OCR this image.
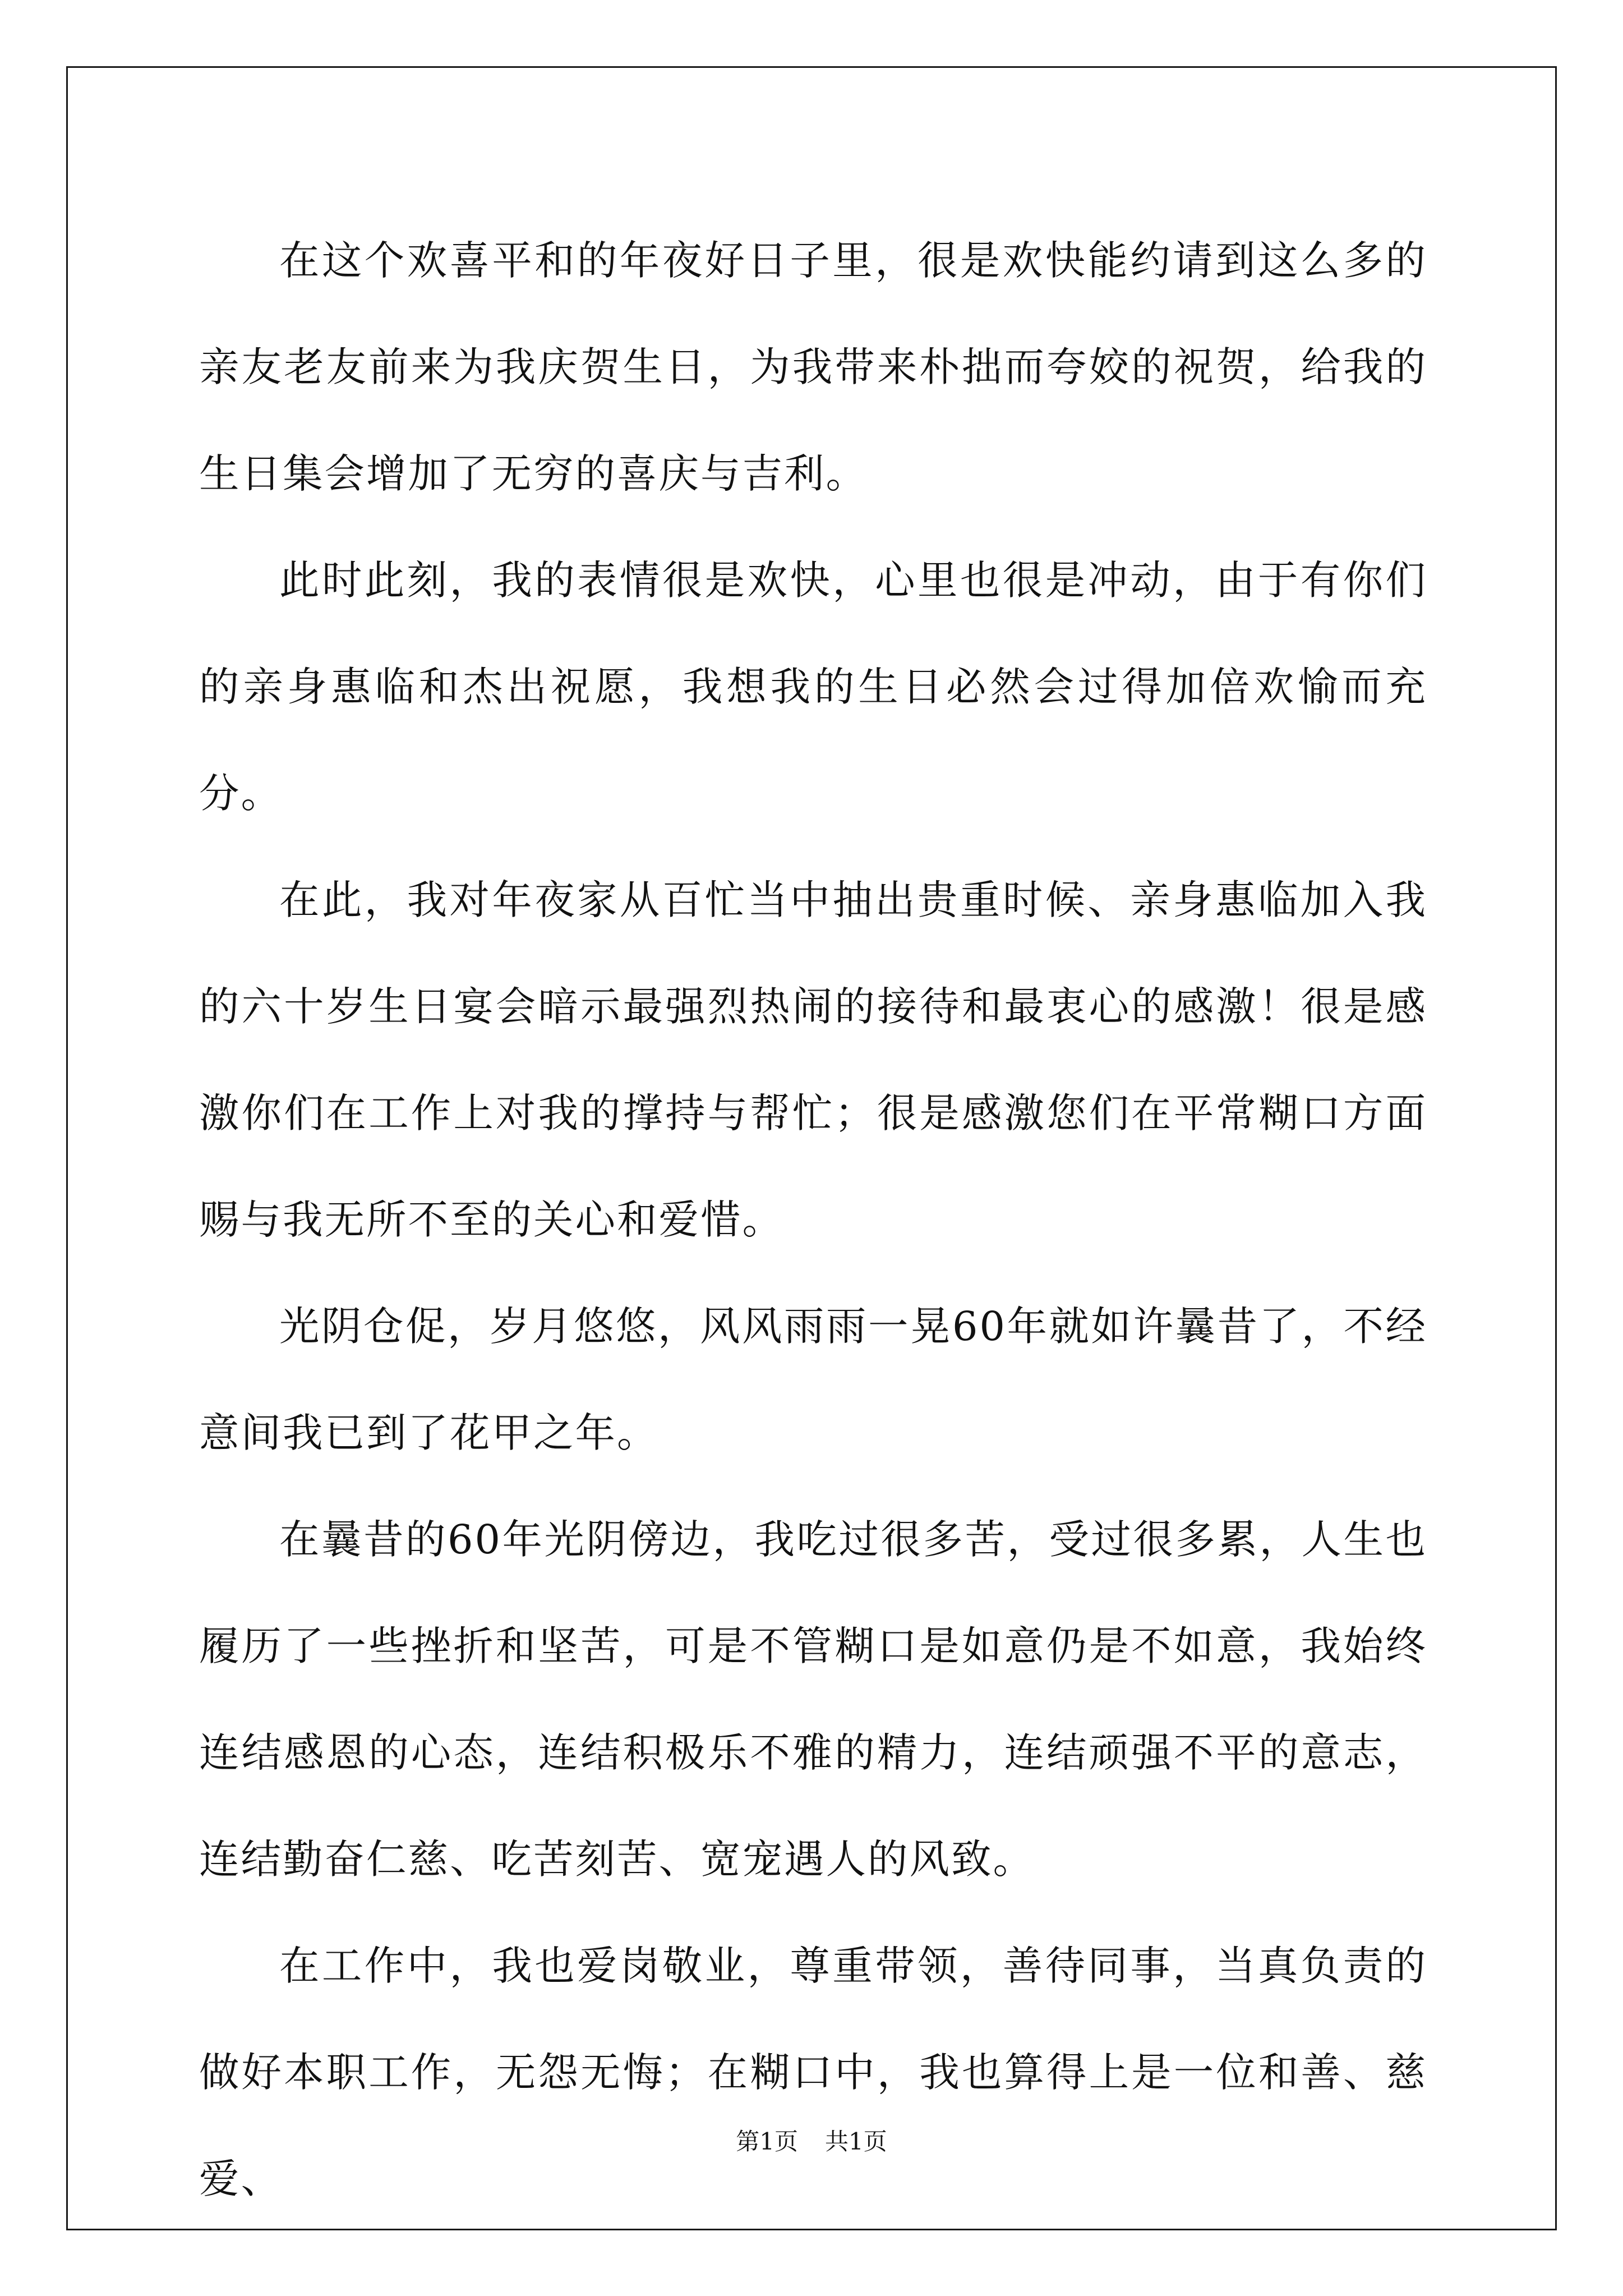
在这个欢喜平和的年夜好日子里，很是欢快能约请到这么多的亲友老友前来为我庆贺生日，为我带来朴拙而夸姣的祝贺，给我的生日集会增加了无穷的喜庆与吉利。

此时此刻，我的表情很是欢快，心里也很是冲动，由于有你们的亲身惠临和杰出祝愿，我想我的生日必然会过得加倍欢愉而充分。

在此，我对年夜家从百忙当中抽出贵重时候、亲身惠临加入我的六十岁生日宴会暗示最强烈热闹的接待和最衷心的感激！很是感激你们在工作上对我的撑持与帮忙；很是感激您们在平常糊口方面赐与我无所不至的关心和爱惜。

光阴仓促，岁月悠悠，风风雨雨一晃60年就如许曩昔了，不经意间我已到了花甲之年。

在曩昔的60年光阴傍边，我吃过很多苦，受过很多累，人生也履历了一些挫折和坚苦，可是不管糊口是如意仍是不如意，我始终连结感恩的心态，连结积极乐不雅的精力，连结顽强不平的意志，连结勤奋仁慈、吃苦刻苦、宽宠遇人的风致。

在工作中，我也爱岗敬业，尊重带领，善待同事，当真负责的做好本职工作，无怨无悔；在糊口中，我也算得上是一位和善、慈爱、

第1页 共1页
